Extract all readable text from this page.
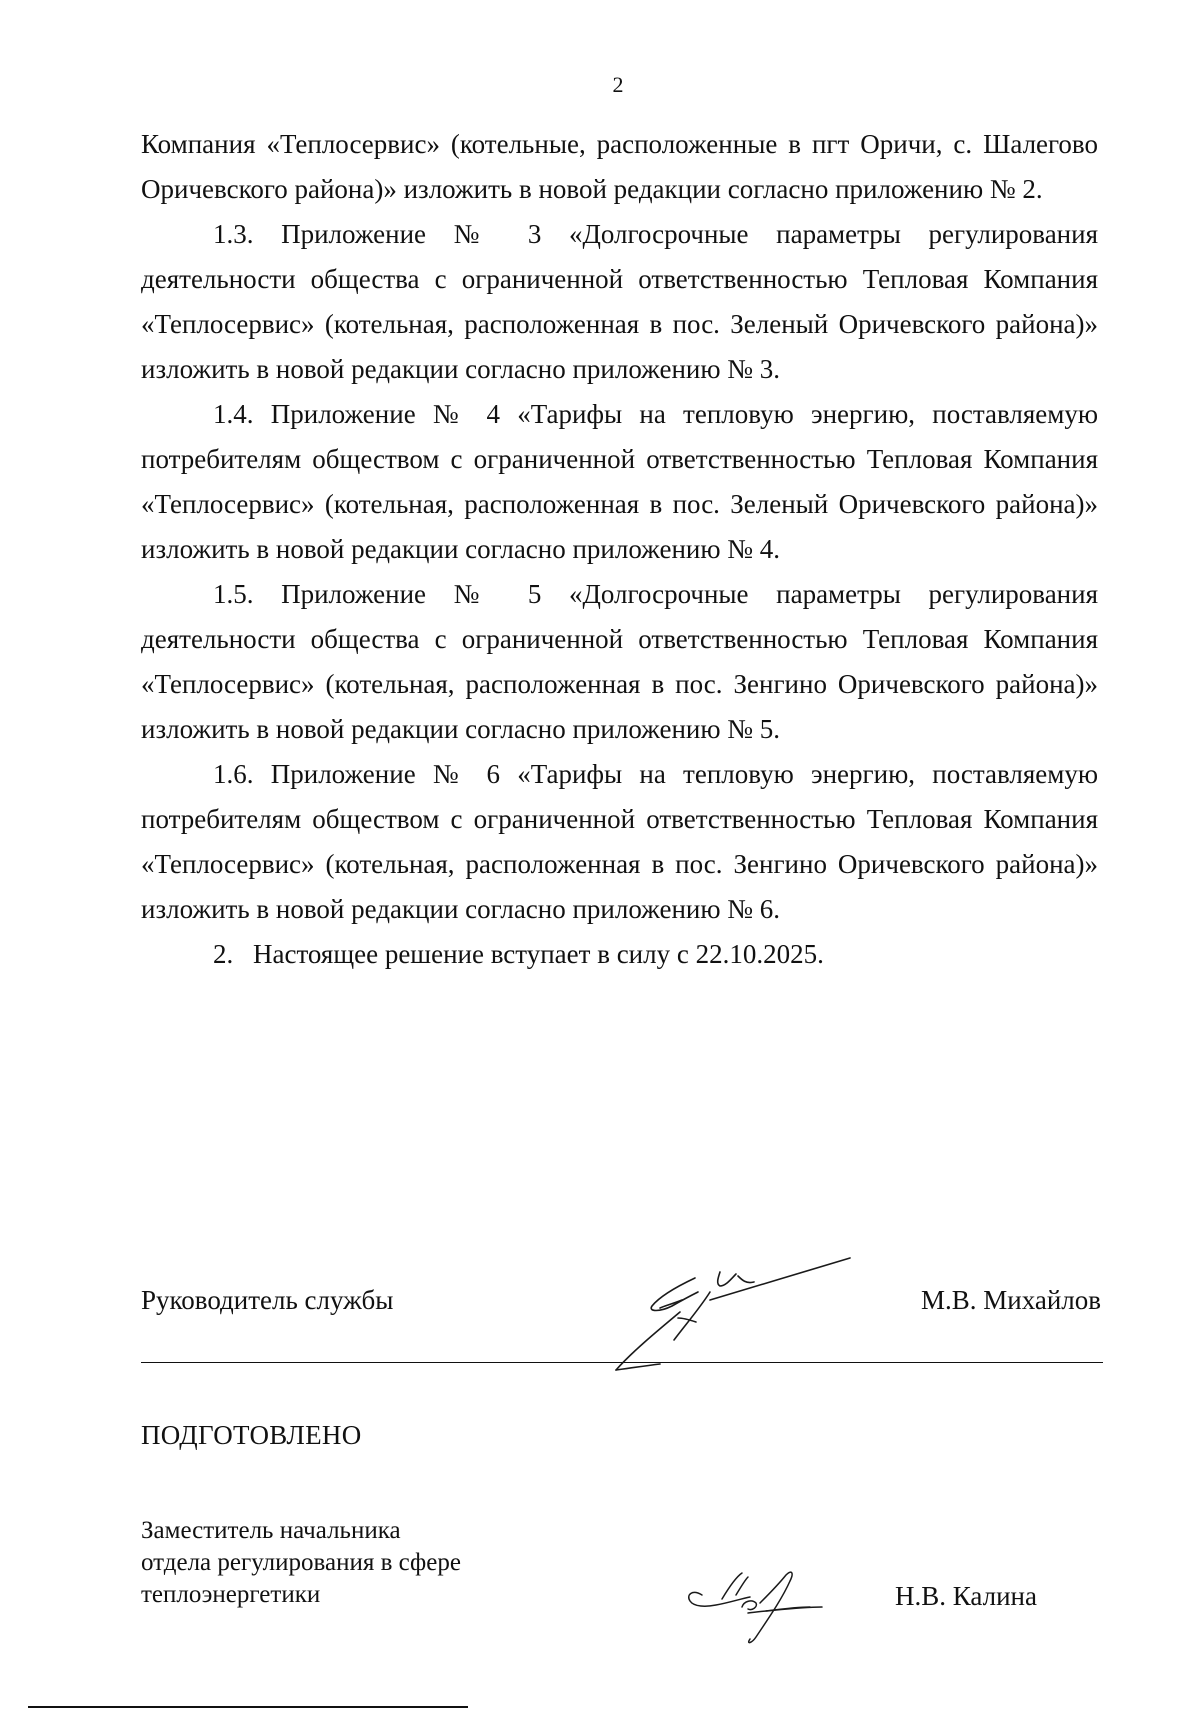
2

Компания «Теплосервис» (котельные, расположенные в пгт Оричи, с. Шалегово Оричевского района)» изложить в новой редакции согласно приложению № 2.

1.3. Приложение № 3 «Долгосрочные параметры регулирования деятельности общества с ограниченной ответственностью Тепловая Компания «Теплосервис» (котельная, расположенная в пос. Зеленый Оричевского района)» изложить в новой редакции согласно приложению № 3.

1.4. Приложение № 4 «Тарифы на тепловую энергию, поставляемую потребителям обществом с ограниченной ответственностью Тепловая Компания «Теплосервис» (котельная, расположенная в пос. Зеленый Оричевского района)» изложить в новой редакции согласно приложению № 4.

1.5. Приложение № 5 «Долгосрочные параметры регулирования деятельности общества с ограниченной ответственностью Тепловая Компания «Теплосервис» (котельная, расположенная в пос. Зенгино Оричевского района)» изложить в новой редакции согласно приложению № 5.

1.6. Приложение № 6 «Тарифы на тепловую энергию, поставляемую потребителям обществом с ограниченной ответственностью Тепловая Компания «Теплосервис» (котельная, расположенная в пос. Зенгино Оричевского района)» изложить в новой редакции согласно приложению № 6.

2. Настоящее решение вступает в силу с 22.10.2025.

Руководитель службы	М.В. Михайлов
ПОДГОТОВЛЕНО
Заместитель начальника
отдела регулирования в сфере
теплоэнергетики	Н.В. Калина
